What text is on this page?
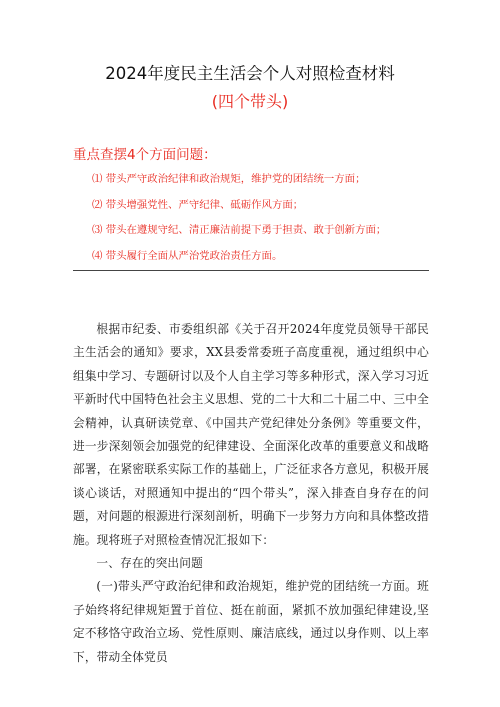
2024年度民主生活会个人对照检查材料
(四个带头)
重点查摆4个方面问题：
⑴ 带头严守政治纪律和政治规矩，维护党的团结统一方面；
⑵ 带头增强党性、严守纪律、砥砺作风方面；
⑶ 带头在遵规守纪、清正廉洁前提下勇于担责、敢于创新方面；
⑷ 带头履行全面从严治党政治责任方面。

根据市纪委、市委组织部《关于召开2024年度党员领导干部民主生活会的通知》要求，XX县委常委班子高度重视，通过组织中心组集中学习、专题研讨以及个人自主学习等多种形式，深入学习习近平新时代中国特色社会主义思想、党的二十大和二十届二中、三中全会精神，认真研读党章、《中国共产党纪律处分条例》等重要文件，进一步深刻领会加强党的纪律建设、全面深化改革的重要意义和战略部署，在紧密联系实际工作的基础上，广泛征求各方意见，积极开展谈心谈话，对照通知中提出的“四个带头”，深入排查自身存在的问题，对问题的根源进行深刻剖析，明确下一步努力方向和具体整改措施。现将班子对照检查情况汇报如下：

一、存在的突出问题

(一)带头严守政治纪律和政治规矩，维护党的团结统一方面。班子始终将纪律规矩置于首位、挺在前面，紧抓不放加强纪律建设,坚定不移恪守政治立场、党性原则、廉洁底线，通过以身作则、以上率下，带动全体党员
